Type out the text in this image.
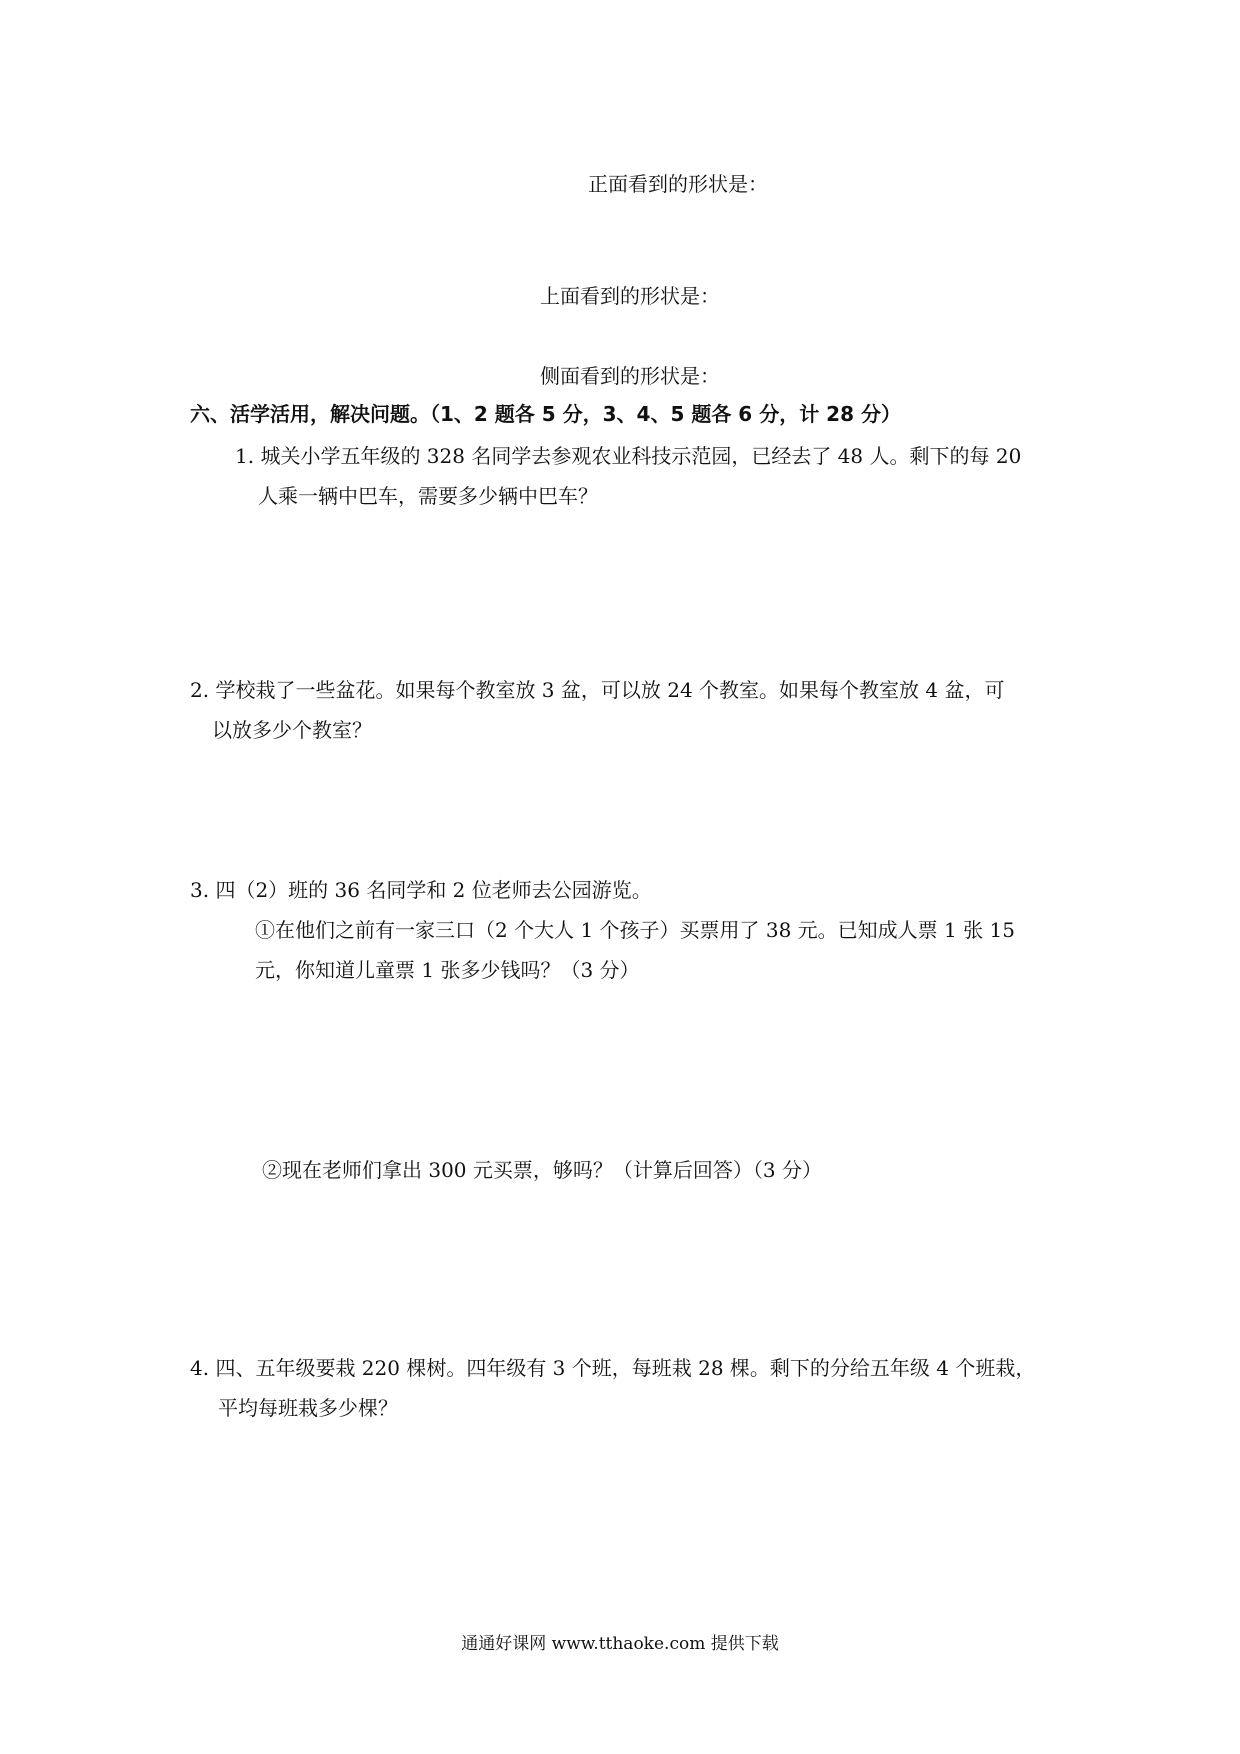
正面看到的形状是：
上面看到的形状是：
侧面看到的形状是：
六、活学活用，解决问题。（1、2 题各 5 分，3、4、5 题各 6 分，计 28 分）
1. 城关小学五年级的 328 名同学去参观农业科技示范园，已经去了 48 人。剩下的每 20
人乘一辆中巴车，需要多少辆中巴车？
2. 学校栽了一些盆花。如果每个教室放 3 盆，可以放 24 个教室。如果每个教室放 4 盆，可
以放多少个教室？
3. 四（2）班的 36 名同学和 2 位老师去公园游览。
①在他们之前有一家三口（2 个大人 1 个孩子）买票用了 38 元。已知成人票 1 张 15
元，你知道儿童票 1 张多少钱吗？（3 分）
②现在老师们拿出 300 元买票，够吗？（计算后回答）（3 分）
4. 四、五年级要栽 220 棵树。四年级有 3 个班，每班栽 28 棵。剩下的分给五年级 4 个班栽，
平均每班栽多少棵？
通通好课网 www.tthaoke.com 提供下载
